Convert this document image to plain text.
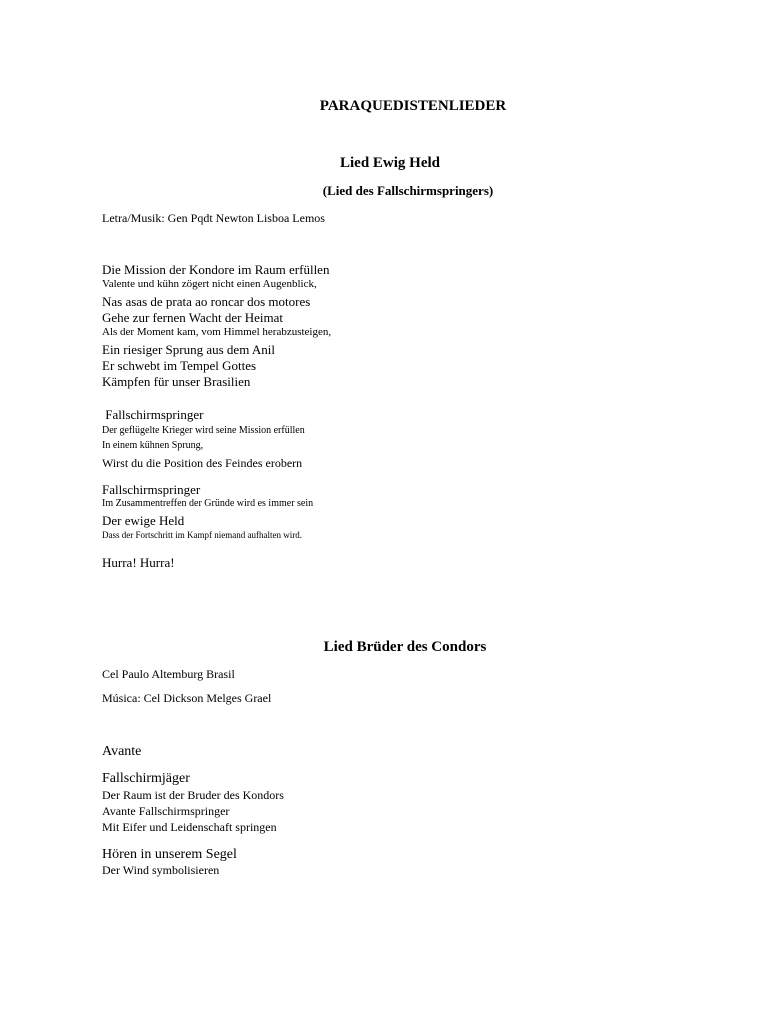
PARAQUEDISTENLIEDER
Lied Ewig Held
(Lied des Fallschirmspringers)
Letra/Musik: Gen Pqdt Newton Lisboa Lemos
Die Mission der Kondore im Raum erfüllen
Valente und kühn zögert nicht einen Augenblick,
Nas asas de prata ao roncar dos motores
Gehe zur fernen Wacht der Heimat
Als der Moment kam, vom Himmel herabzusteigen,
Ein riesiger Sprung aus dem Anil
Er schwebt im Tempel Gottes
Kämpfen für unser Brasilien
Fallschirmspringer
Der geflügelte Krieger wird seine Mission erfüllen
In einem kühnen Sprung,
Wirst du die Position des Feindes erobern
Fallschirmspringer
Im Zusammentreffen der Gründe wird es immer sein
Der ewige Held
Dass der Fortschritt im Kampf niemand aufhalten wird.
Hurra! Hurra!
Lied Brüder des Condors
Cel Paulo Altemburg Brasil
Música: Cel Dickson Melges Grael
Avante
Fallschirmjäger
Der Raum ist der Bruder des Kondors
Avante Fallschirmspringer
Mit Eifer und Leidenschaft springen
Hören in unserem Segel
Der Wind symbolisieren
